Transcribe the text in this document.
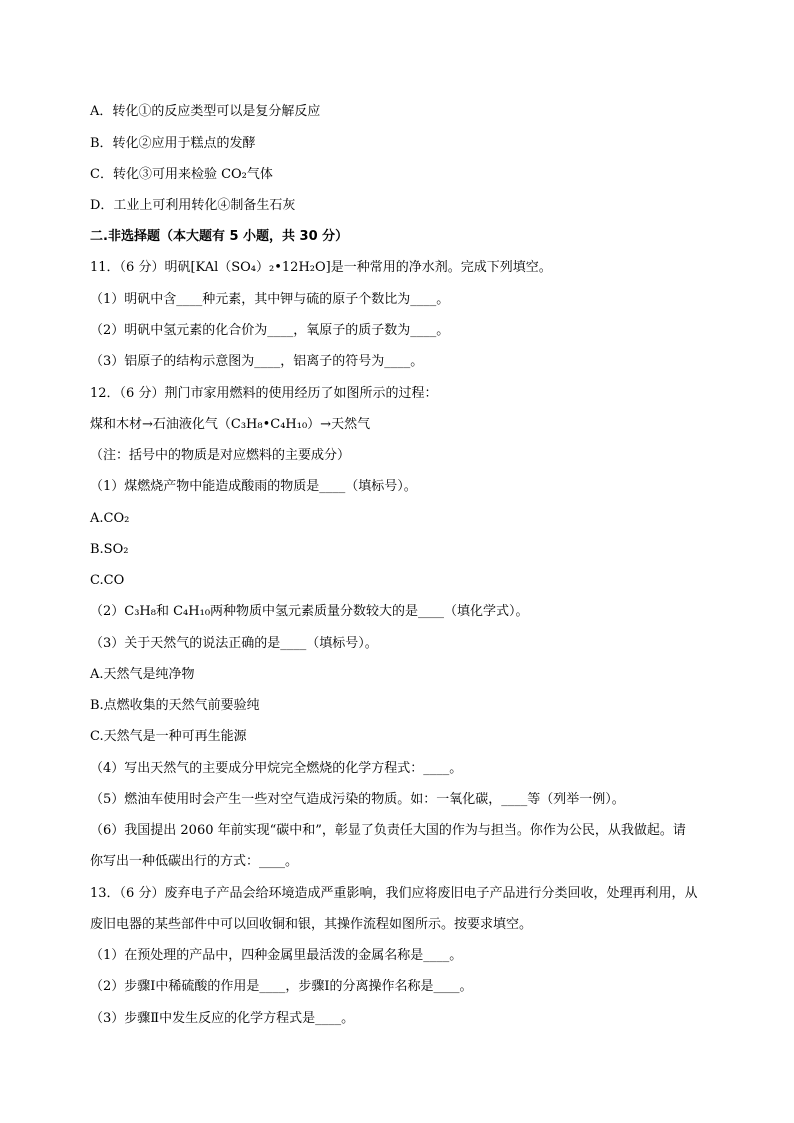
A．转化①的反应类型可以是复分解反应
B．转化②应用于糕点的发酵
C．转化③可用来检验 CO₂气体
D．工业上可利用转化④制备生石灰
二.非选择题（本大题有 5 小题，共 30 分）
11．（6 分）明矾[KAl（SO₄）₂•12H₂O]是一种常用的净水剂。完成下列填空。
（1）明矾中含____种元素，其中钾与硫的原子个数比为____。
（2）明矾中氢元素的化合价为____，氧原子的质子数为____。
（3）铝原子的结构示意图为____，铝离子的符号为____。
12．（6 分）荆门市家用燃料的使用经历了如图所示的过程：
煤和木材→石油液化气（C₃H₈•C₄H₁₀）→天然气
（注：括号中的物质是对应燃料的主要成分）
（1）煤燃烧产物中能造成酸雨的物质是____（填标号）。
A.CO₂
B.SO₂
C.CO
（2）C₃H₈和 C₄H₁₀两种物质中氢元素质量分数较大的是____（填化学式）。
（3）关于天然气的说法正确的是____（填标号）。
A.天然气是纯净物
B.点燃收集的天然气前要验纯
C.天然气是一种可再生能源
（4）写出天然气的主要成分甲烷完全燃烧的化学方程式：____。
（5）燃油车使用时会产生一些对空气造成污染的物质。如：一氧化碳，____等（列举一例）。
（6）我国提出 2060 年前实现“碳中和”，彰显了负责任大国的作为与担当。你作为公民，从我做起。请
你写出一种低碳出行的方式：____。
13．（6 分）废弃电子产品会给环境造成严重影响，我们应将废旧电子产品进行分类回收，处理再利用，从
废旧电器的某些部件中可以回收铜和银，其操作流程如图所示。按要求填空。
（1）在预处理的产品中，四种金属里最活泼的金属名称是____。
（2）步骤Ⅰ中稀硫酸的作用是____，步骤Ⅰ的分离操作名称是____。
（3）步骤Ⅱ中发生反应的化学方程式是____。
